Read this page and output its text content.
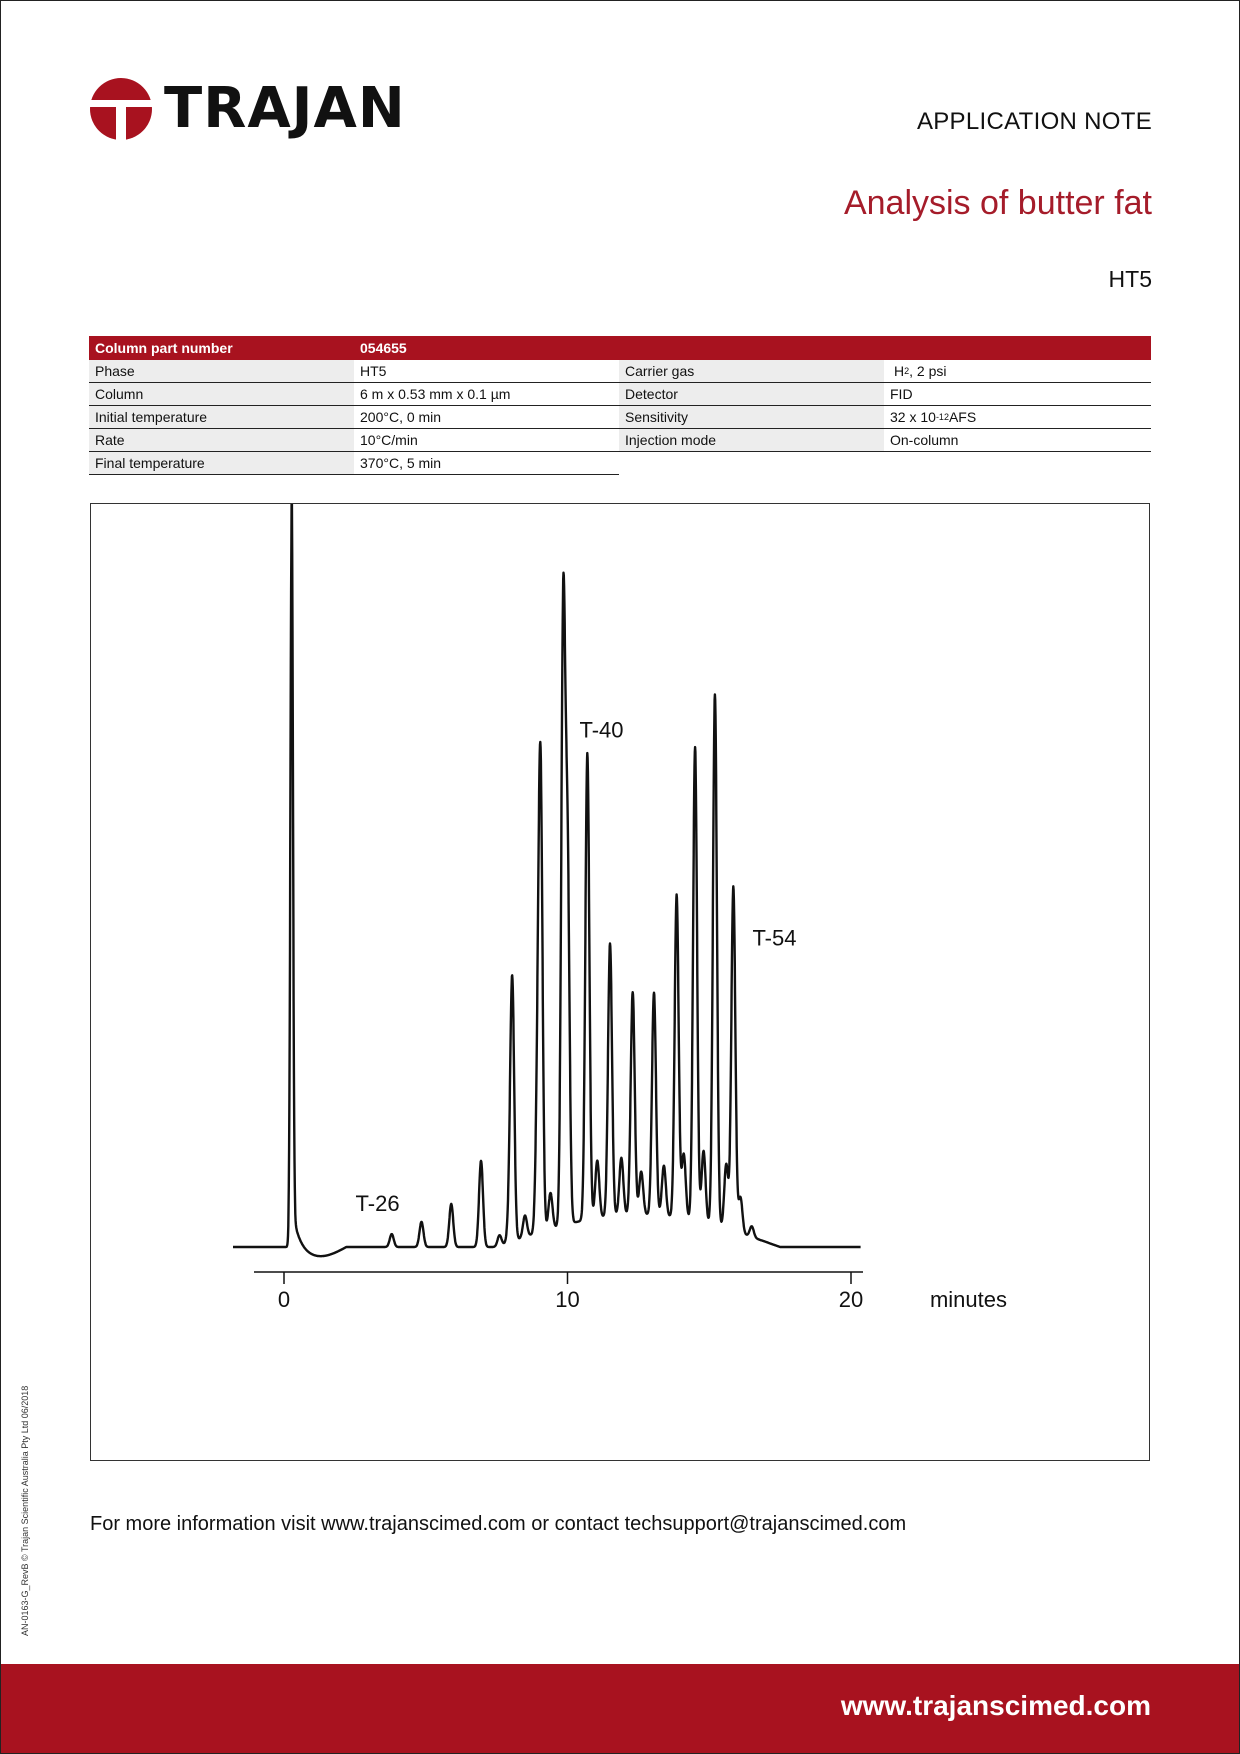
TRAJAN	APPLICATION NOTE
Analysis of butter fat
HT5
Column part number	054655
Phase	HT5	Carrier gas	H 2 , 2 psi
Column	6 m x 0.53 mm x 0.1 µm	Detector	FID
Initial temperature	200°C, 0 min	Sensitivity	32 x 10 -12 AFS
Rate	10°C/min	Injection mode	On-column
Final temperature	370°C, 5 min
0	10	20	minutes
T-26
T-40
T-54
For more information visit www.trajanscimed.com or contact techsupport@trajanscimed.com
AN-0163-G_RevB © Trajan Scientific Australia Pty Ltd 06/2018
www.trajanscimed.com
